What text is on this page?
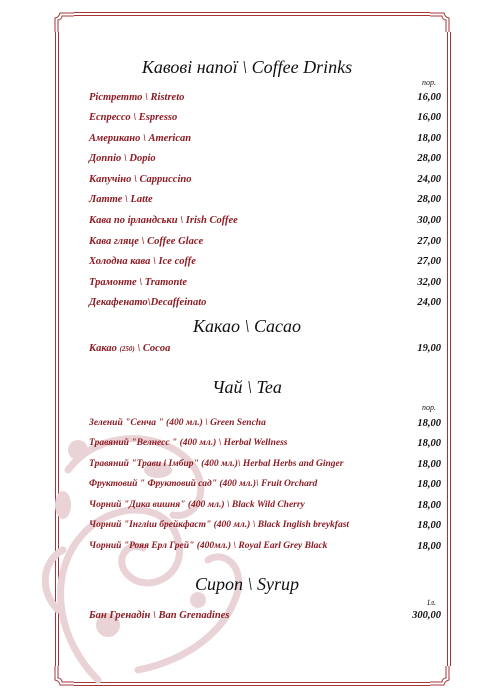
Кавові напої \ Coffee Drinks
пор.
Рістретто \ Ristreto	16,00
Еспрессо \ Espresso	16,00
Американо \ American	18,00
Доппіо \ Dopio	28,00
Капучіно \ Cappuccino	24,00
Латте \ Latte	28,00
Кава по ірландськи \ Irish Coffee	30,00
Кава гляце \ Coffee Glace	27,00
Холодна кава \ Ice coffe	27,00
Трамонте \ Tramonte	32,00
Декафенато\Decaffeinato	24,00
Какао \ Cacao
Какао (250) \ Cocoa	19,00
Чай \ Tea
пор.
Зелений "Сенча " (400 мл.) \ Green Sencha	18,00
Травяний "Велнесс " (400 мл.) \ Herbal Wellness	18,00
Травяний "Трави і Імбир" (400 мл.)\ Herbal Herbs and Ginger	18,00
Фруктовий " Фруктовий сад" (400 мл.)\ Fruit Orchard	18,00
Чорний "Дика вишня" (400 мл.) \ Black Wild Cherry	18,00
Чорний "Інгліш брейкфаст" (400 мл.) \ Black Inglish breykfast	18,00
Чорний "Рояя Ерл Грей" (400мл.) \ Royal Earl Grey Black	18,00
Сироп \ Syrup
1л.
Бан Гренадін \ Ban Grenadines	300,00
